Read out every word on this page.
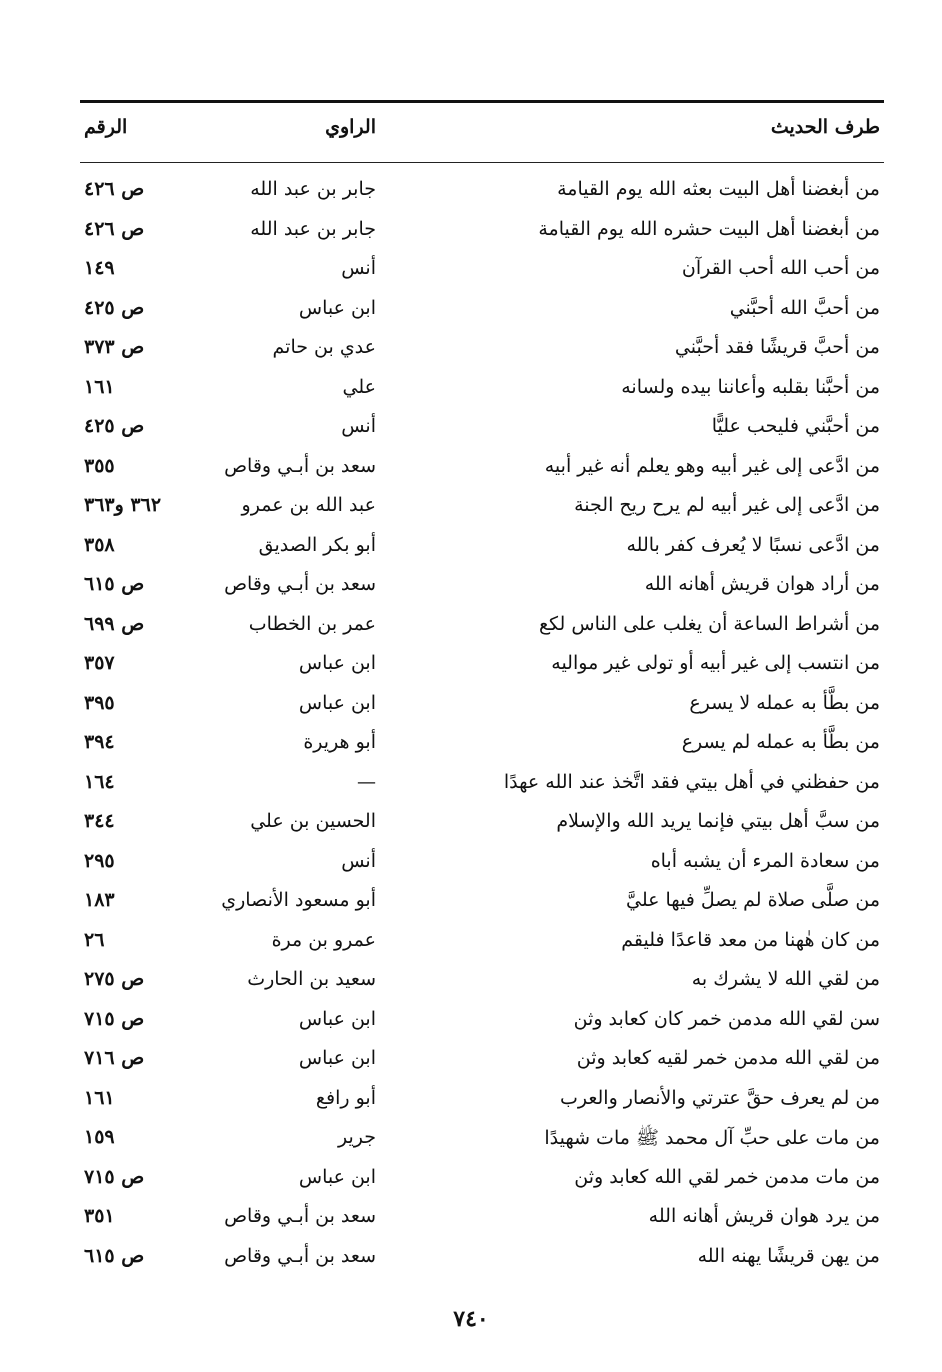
طرف الحديث
الراوي
الرقم
من أبغضنا أهل البيت بعثه الله يوم القيامة
جابر بن عبد الله
ص ٤٢٦
من أبغضنا أهل البيت حشره الله يوم القيامة
جابر بن عبد الله
ص ٤٢٦
من أحب الله أحب القرآن
أنس
١٤٩
من أحبَّ الله أحبَّني
ابن عباس
ص ٤٢٥
من أحبَّ قريشًا فقد أحبَّني
عدي بن حاتم
ص ٣٧٣
من أحبَّنا بقلبه وأعاننا بيده ولسانه
علي
١٦١
من أحبَّني فليحب عليًّا
أنس
ص ٤٢٥
من ادَّعى إلى غير أبيه وهو يعلم أنه غير أبيه
سعد بن أبـي وقاص
٣٥٥
من ادَّعى إلى غير أبيه لم يرح ريح الجنة
عبد الله بن عمرو
٣٦٢ و٣٦٣
من ادَّعى نسبًا لا يُعرف كفر بالله
أبو بكر الصديق
٣٥٨
من أراد هوان قريش أهانه الله
سعد بن أبـي وقاص
ص ٦١٥
من أشراط الساعة أن يغلب على الناس لكع
عمر بن الخطاب
ص ٦٩٩
من انتسب إلى غير أبيه أو تولى غير مواليه
ابن عباس
٣٥٧
من بطَّأ به عمله لا يسرع
ابن عباس
٣٩٥
من بطَّأ به عمله لم يسرع
أبو هريرة
٣٩٤
من حفظني في أهل بيتي فقد اتَّخذ عند الله عهدًا
—
١٦٤
من سبَّ أهل بيتي فإنما يريد الله والإسلام
الحسين بن علي
٣٤٤
من سعادة المرء أن يشبه أباه
أنس
٢٩٥
من صلَّى صلاة لم يصلِّ فيها عليَّ
أبو مسعود الأنصاري
١٨٣
من كان هٰهنا من معد قاعدًا فليقم
عمرو بن مرة
٢٦
من لقي الله لا يشرك به
سعيد بن الحارث
ص ٢٧٥
سن لقي الله مدمن خمر كان كعابد وثن
ابن عباس
ص ٧١٥
من لقي الله مدمن خمر لقيه كعابد وثن
ابن عباس
ص ٧١٦
من لم يعرف حقَّ عترتي والأنصار والعرب
أبو رافع
١٦١
من مات على حبِّ آل محمد ﷺ مات شهيدًا
جرير
١٥٩
من مات مدمن خمر لقي الله كعابد وثن
ابن عباس
ص ٧١٥
من يرد هوان قريش أهانه الله
سعد بن أبـي وقاص
٣٥١
من يهن قريشًا يهنه الله
سعد بن أبـي وقاص
ص ٦١٥
٧٤٠
